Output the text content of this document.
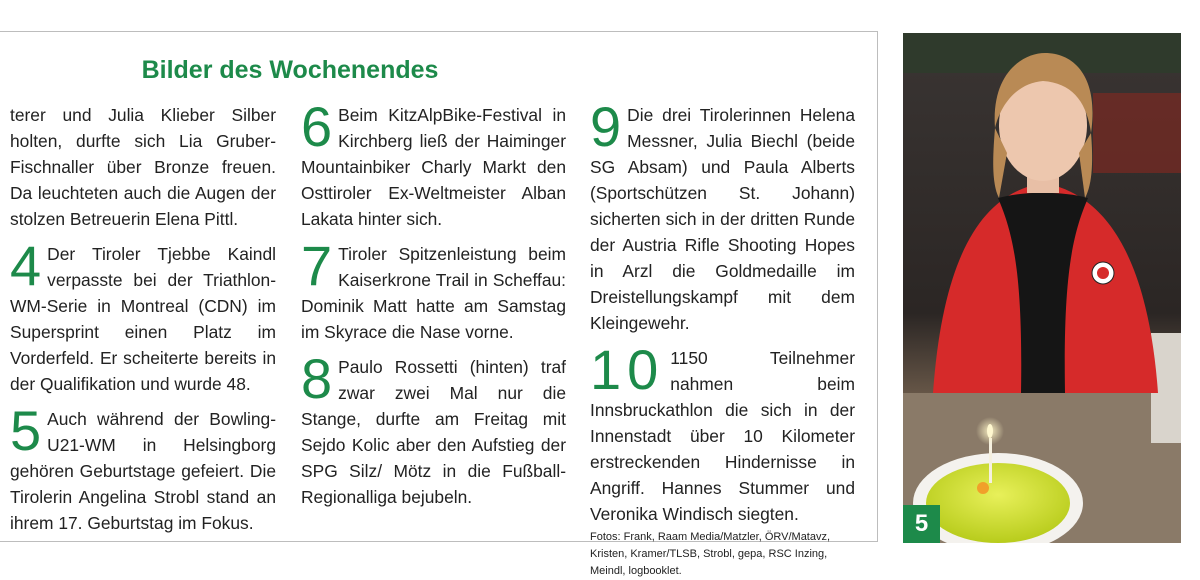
Bilder des Wochenendes

terer und Julia Klieber Silber holten, durfte sich Lia Gruber-Fischnaller über Bronze freuen. Da leuchteten auch die Augen der stolzen Betreuerin Elena Pittl.

4 Der Tiroler Tjebbe Kaindl verpasste bei der Triathlon-WM-Serie in Montreal (CDN) im Supersprint einen Platz im Vorderfeld. Er scheiterte bereits in der Qualifikation und wurde 48.

5 Auch während der Bowling-U21-WM in Helsingborg gehören Geburtstage gefeiert. Die Tirolerin Angelina Strobl stand an ihrem 17. Geburtstag im Fokus.

6 Beim KitzAlpBike-Festival in Kirchberg ließ der Haiminger Mountainbiker Charly Markt den Osttiroler Ex-Weltmeister Alban Lakata hinter sich.

7 Tiroler Spitzenleistung beim Kaiserkrone Trail in Scheffau: Dominik Matt hatte am Samstag im Skyrace die Nase vorne.

8 Paulo Rossetti (hinten) traf zwar zwei Mal nur die Stange, durfte am Freitag mit Sejdo Kolic aber den Aufstieg der SPG Silz/ Mötz in die Fußball-Regionalliga bejubeln.

9 Die drei Tirolerinnen Helena Messner, Julia Biechl (beide SG Absam) und Paula Alberts (Sportschützen St. Johann) sicherten sich in der dritten Runde der Austria Rifle Shooting Hopes in Arzl die Goldmedaille im Dreistellungskampf mit dem Kleingewehr.

10 1150 Teilnehmer nahmen beim Innsbruckathlon die sich in der Innenstadt über 10 Kilometer erstreckenden Hindernisse in Angriff. Hannes Stummer und Veronika Windisch siegten.

Fotos: Frank, Raam Media/Matzler, ÖRV/Matavz, Kristen, Kramer/TLSB, Strobl, gepa, RSC Inzing, Meindl, logbooklet.
5
